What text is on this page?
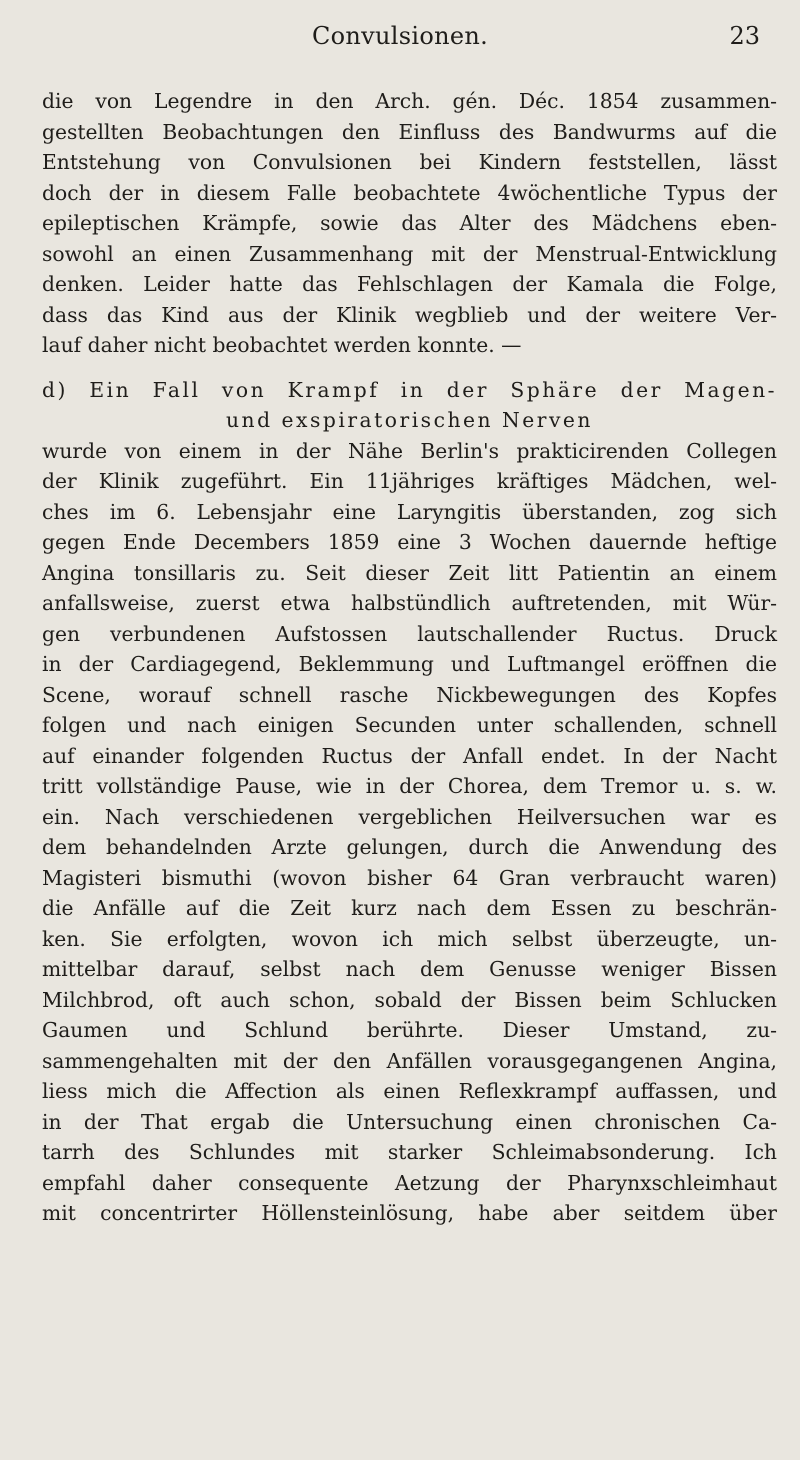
Convulsionen.	23
die von Legendre in den Arch. gén. Déc. 1854 zusammen-
gestellten Beobachtungen den Einfluss des Bandwurms auf die
Entstehung von Convulsionen bei Kindern feststellen, lässt
doch der in diesem Falle beobachtete 4wöchentliche Typus der
epileptischen Krämpfe, sowie das Alter des Mädchens eben-
sowohl an einen Zusammenhang mit der Menstrual-Entwicklung
denken. Leider hatte das Fehlschlagen der Kamala die Folge,
dass das Kind aus der Klinik wegblieb und der weitere Ver-
lauf daher nicht beobachtet werden konnte. —
d) Ein Fall von Krampf in der Sphäre der Magen-
und exspiratorischen Nerven
wurde von einem in der Nähe Berlin's prakticirenden Collegen
der Klinik zugeführt. Ein 11jähriges kräftiges Mädchen, wel-
ches im 6. Lebensjahr eine Laryngitis überstanden, zog sich
gegen Ende Decembers 1859 eine 3 Wochen dauernde heftige
Angina tonsillaris zu. Seit dieser Zeit litt Patientin an einem
anfallsweise, zuerst etwa halbstündlich auftretenden, mit Wür-
gen verbundenen Aufstossen lautschallender Ructus. Druck
in der Cardiagegend, Beklemmung und Luftmangel eröffnen die
Scene, worauf schnell rasche Nickbewegungen des Kopfes
folgen und nach einigen Secunden unter schallenden, schnell
auf einander folgenden Ructus der Anfall endet. In der Nacht
tritt vollständige Pause, wie in der Chorea, dem Tremor u. s. w.
ein. Nach verschiedenen vergeblichen Heilversuchen war es
dem behandelnden Arzte gelungen, durch die Anwendung des
Magisteri bismuthi (wovon bisher 64 Gran verbraucht waren)
die Anfälle auf die Zeit kurz nach dem Essen zu beschrän-
ken. Sie erfolgten, wovon ich mich selbst überzeugte, un-
mittelbar darauf, selbst nach dem Genusse weniger Bissen
Milchbrod, oft auch schon, sobald der Bissen beim Schlucken
Gaumen und Schlund berührte. Dieser Umstand, zu-
sammengehalten mit der den Anfällen vorausgegangenen Angina,
liess mich die Affection als einen Reflexkrampf auffassen, und
in der That ergab die Untersuchung einen chronischen Ca-
tarrh des Schlundes mit starker Schleimabsonderung. Ich
empfahl daher consequente Aetzung der Pharynxschleimhaut
mit concentrirter Höllensteinlösung, habe aber seitdem über
